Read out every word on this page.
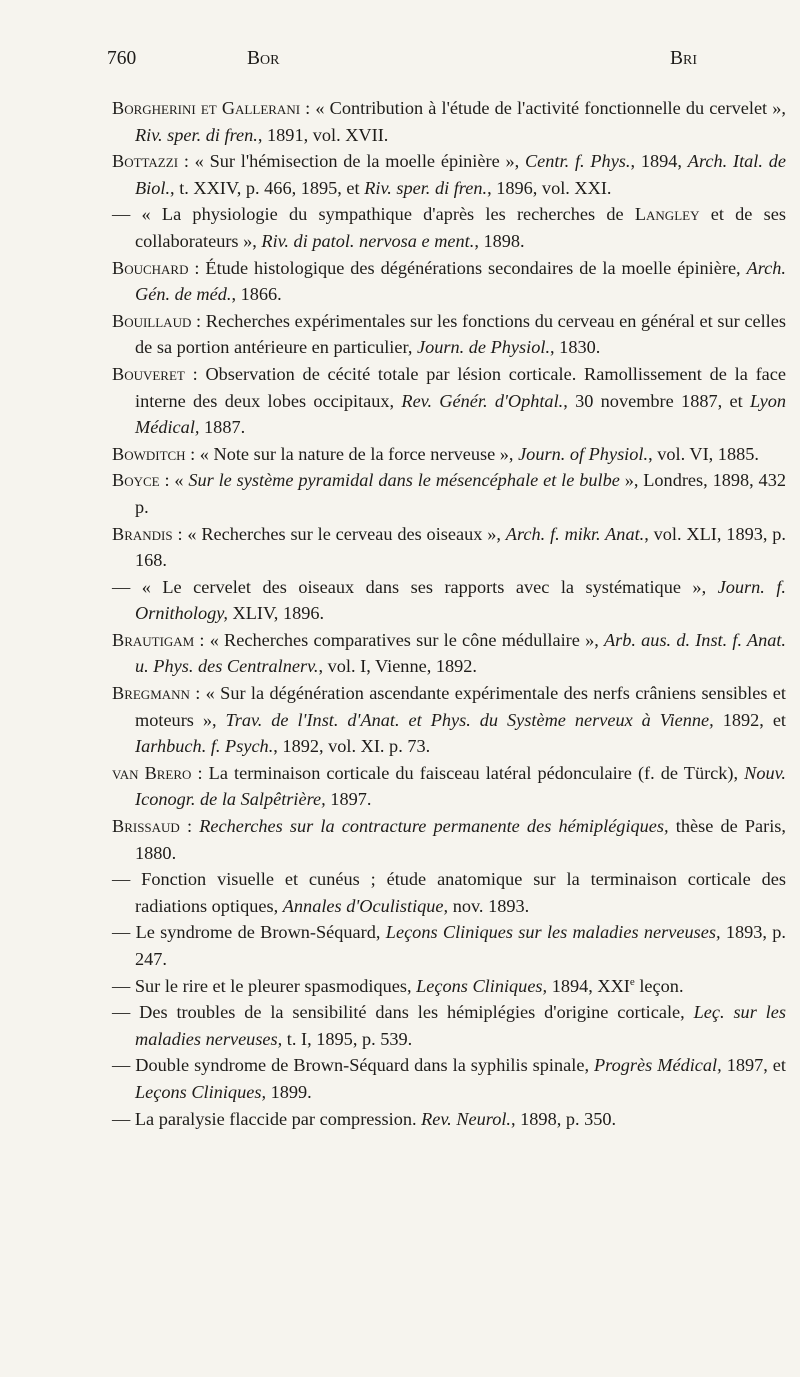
760	Bor	Bri

Borgherini et Gallerani : « Contribution à l'étude de l'activité fonctionnelle du cervelet », Riv. sper. di fren., 1891, vol. XVII.

Bottazzi : « Sur l'hémisection de la moelle épinière », Centr. f. Phys., 1894, Arch. Ital. de Biol., t. XXIV, p. 466, 1895, et Riv. sper. di fren., 1896, vol. XXI.

— « La physiologie du sympathique d'après les recherches de Langley et de ses collaborateurs », Riv. di patol. nervosa e ment., 1898.

Bouchard : Étude histologique des dégénérations secondaires de la moelle épinière, Arch. Gén. de méd., 1866.

Bouillaud : Recherches expérimentales sur les fonctions du cerveau en général et sur celles de sa portion antérieure en particulier, Journ. de Physiol., 1830.

Bouveret : Observation de cécité totale par lésion corticale. Ramollissement de la face interne des deux lobes occipitaux, Rev. Génér. d'Ophtal., 30 novembre 1887, et Lyon Médical, 1887.

Bowditch : « Note sur la nature de la force nerveuse », Journ. of Physiol., vol. VI, 1885.

Boyce : « Sur le système pyramidal dans le mésencéphale et le bulbe », Londres, 1898, 432 p.

Brandis : « Recherches sur le cerveau des oiseaux », Arch. f. mikr. Anat., vol. XLI, 1893, p. 168.

— « Le cervelet des oiseaux dans ses rapports avec la systématique », Journ. f. Ornithology, XLIV, 1896.

Brautigam : « Recherches comparatives sur le cône médullaire », Arb. aus. d. Inst. f. Anat. u. Phys. des Centralnerv., vol. I, Vienne, 1892.

Bregmann : « Sur la dégénération ascendante expérimentale des nerfs crâniens sensibles et moteurs », Trav. de l'Inst. d'Anat. et Phys. du Système nerveux à Vienne, 1892, et Iarhbuch. f. Psych., 1892, vol. XI. p. 73.

van Brero : La terminaison corticale du faisceau latéral pédonculaire (f. de Türck), Nouv. Iconogr. de la Salpêtrière, 1897.

Brissaud : Recherches sur la contracture permanente des hémiplégiques, thèse de Paris, 1880.

— Fonction visuelle et cunéus ; étude anatomique sur la terminaison corticale des radiations optiques, Annales d'Oculistique, nov. 1893.

— Le syndrome de Brown-Séquard, Leçons Cliniques sur les maladies nerveuses, 1893, p. 247.

— Sur le rire et le pleurer spasmodiques, Leçons Cliniques, 1894, XXIe leçon.

— Des troubles de la sensibilité dans les hémiplégies d'origine corticale, Leç. sur les maladies nerveuses, t. I, 1895, p. 539.

— Double syndrome de Brown-Séquard dans la syphilis spinale, Progrès Médical, 1897, et Leçons Cliniques, 1899.

— La paralysie flaccide par compression. Rev. Neurol., 1898, p. 350.
